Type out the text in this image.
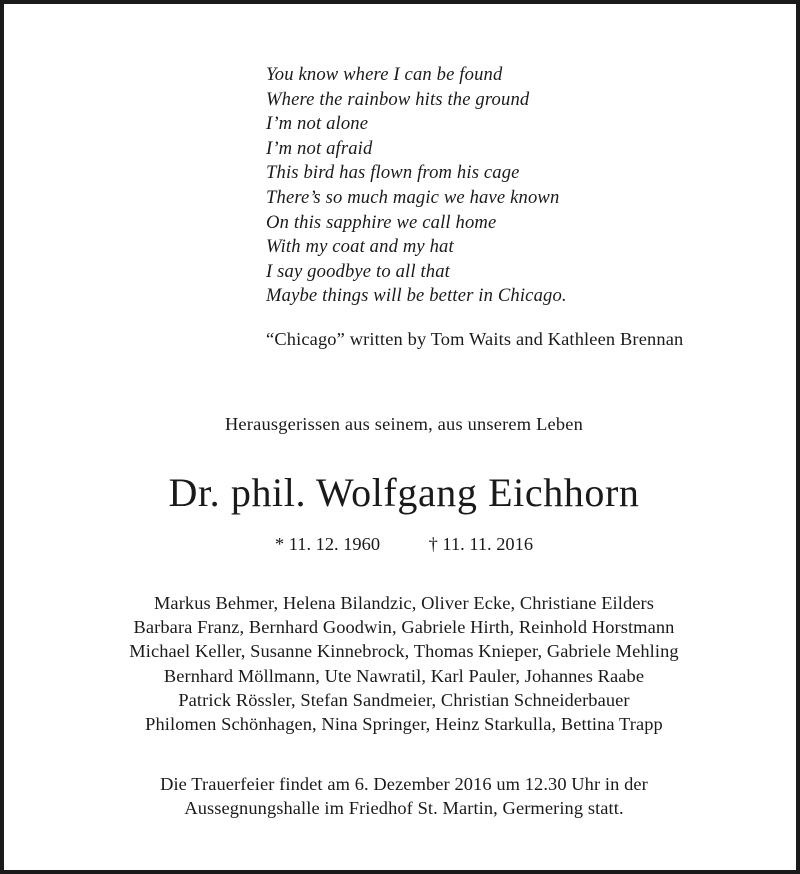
You know where I can be found
Where the rainbow hits the ground
I’m not alone
I’m not afraid
This bird has flown from his cage
There’s so much magic we have known
On this sapphire we call home
With my coat and my hat
I say goodbye to all that
Maybe things will be better in Chicago.
“Chicago” written by Tom Waits and Kathleen Brennan
Herausgerissen aus seinem, aus unserem Leben
Dr. phil. Wolfgang Eichhorn
* 11. 12. 1960	† 11. 11. 2016
Markus Behmer, Helena Bilandzic, Oliver Ecke, Christiane Eilders
Barbara Franz, Bernhard Goodwin, Gabriele Hirth, Reinhold Horstmann
Michael Keller, Susanne Kinnebrock, Thomas Knieper, Gabriele Mehling
Bernhard Möllmann, Ute Nawratil, Karl Pauler, Johannes Raabe
Patrick Rössler, Stefan Sandmeier, Christian Schneiderbauer
Philomen Schönhagen, Nina Springer, Heinz Starkulla, Bettina Trapp
Die Trauerfeier findet am 6. Dezember 2016 um 12.30 Uhr in der
Aussegnungshalle im Friedhof St. Martin, Germering statt.
